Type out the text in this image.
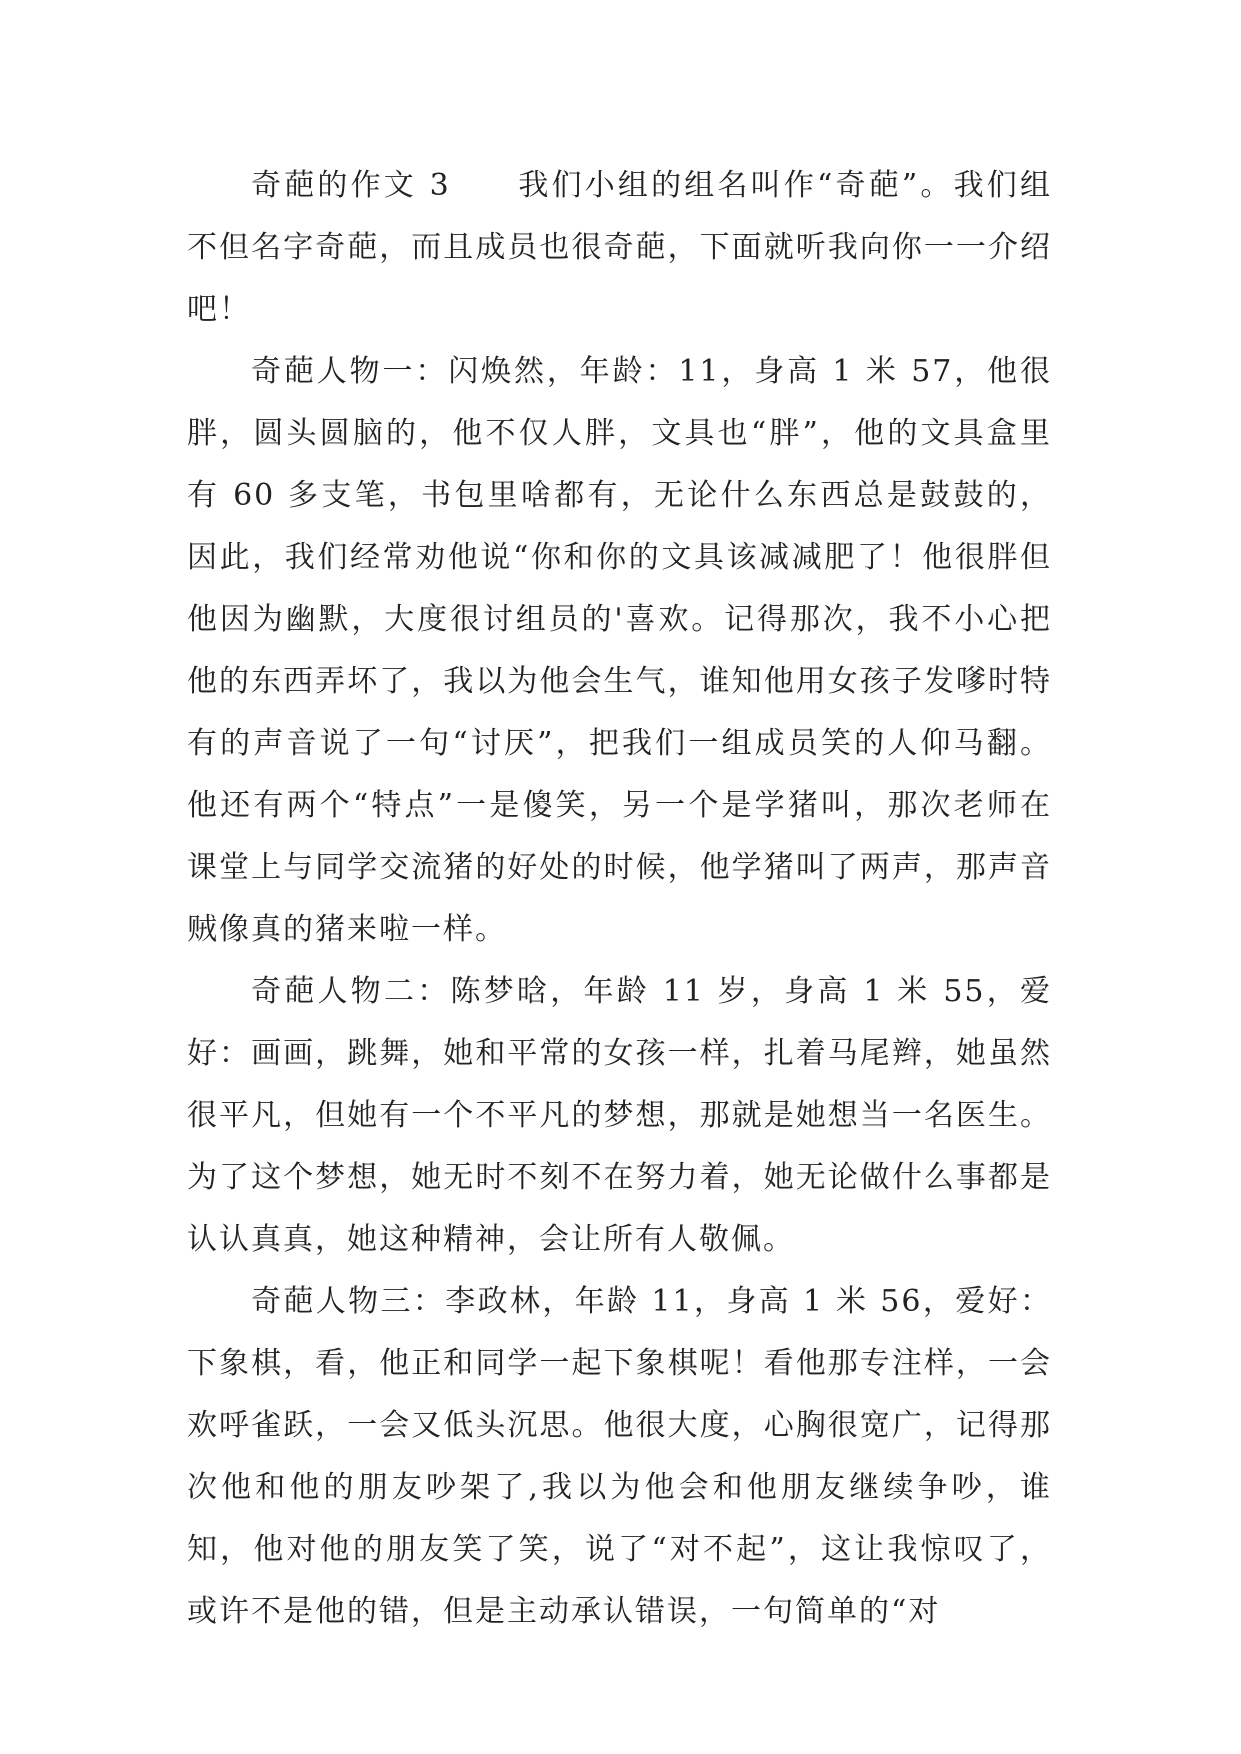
奇葩的作文 3　　我们小组的组名叫作“奇葩”。我们组不但名字奇葩，而且成员也很奇葩，下面就听我向你一一介绍吧！

奇葩人物一：闪焕然，年龄：11，身高 1 米 57，他很胖，圆头圆脑的，他不仅人胖，文具也“胖”，他的文具盒里有 60 多支笔，书包里啥都有，无论什么东西总是鼓鼓的，因此，我们经常劝他说“你和你的文具该减减肥了！他很胖但他因为幽默，大度很讨组员的'喜欢。记得那次，我不小心把他的东西弄坏了，我以为他会生气，谁知他用女孩子发嗲时特有的声音说了一句“讨厌”，把我们一组成员笑的人仰马翻。他还有两个“特点”一是傻笑，另一个是学猪叫，那次老师在课堂上与同学交流猪的好处的时候，他学猪叫了两声，那声音贼像真的猪来啦一样。

奇葩人物二：陈梦晗，年龄 11 岁，身高 1 米 55，爱好：画画，跳舞，她和平常的女孩一样，扎着马尾辫，她虽然很平凡，但她有一个不平凡的梦想，那就是她想当一名医生。为了这个梦想，她无时不刻不在努力着，她无论做什么事都是认认真真，她这种精神，会让所有人敬佩。

奇葩人物三：李政林，年龄 11，身高 1 米 56，爱好：下象棋，看，他正和同学一起下象棋呢！看他那专注样，一会欢呼雀跃，一会又低头沉思。他很大度，心胸很宽广，记得那次他和他的朋友吵架了,我以为他会和他朋友继续争吵，谁知，他对他的朋友笑了笑，说了“对不起”，这让我惊叹了，或许不是他的错，但是主动承认错误，一句简单的“对
